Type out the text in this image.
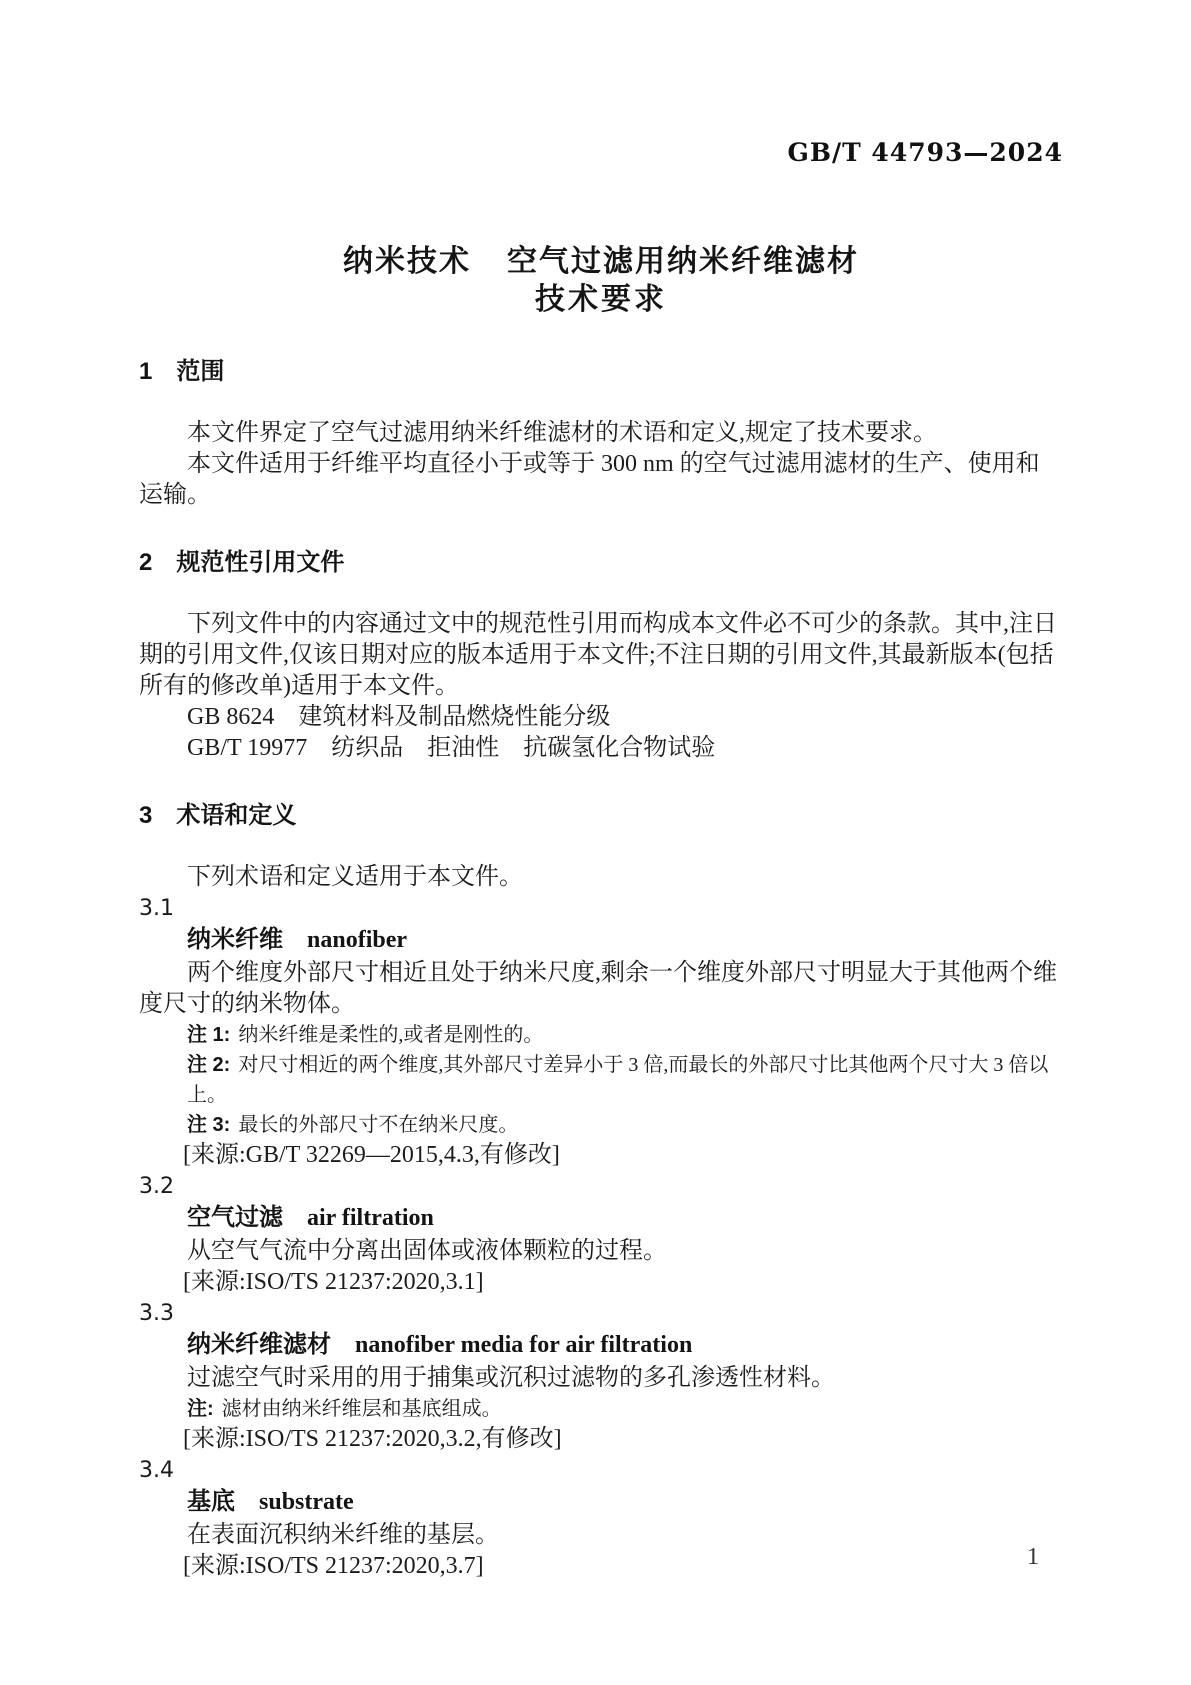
GB/T 44793—2024
纳米技术 空气过滤用纳米纤维滤材
技术要求
1 范围

本文件界定了空气过滤用纳米纤维滤材的术语和定义,规定了技术要求。

本文件适用于纤维平均直径小于或等于 300 nm 的空气过滤用滤材的生产、使用和运输。

2 规范性引用文件

下列文件中的内容通过文中的规范性引用而构成本文件必不可少的条款。其中,注日期的引用文件,仅该日期对应的版本适用于本文件;不注日期的引用文件,其最新版本(包括所有的修改单)适用于本文件。

GB 8624 建筑材料及制品燃烧性能分级

GB/T 19977 纺织品 拒油性 抗碳氢化合物试验

3 术语和定义

下列术语和定义适用于本文件。

3.1

纳米纤维 nanofiber

两个维度外部尺寸相近且处于纳米尺度,剩余一个维度外部尺寸明显大于其他两个维度尺寸的纳米物体。

注 1: 纳米纤维是柔性的,或者是刚性的。

注 2: 对尺寸相近的两个维度,其外部尺寸差异小于 3 倍,而最长的外部尺寸比其他两个尺寸大 3 倍以上。

注 3: 最长的外部尺寸不在纳米尺度。

[来源:GB/T 32269—2015,4.3,有修改]

3.2

空气过滤 air filtration

从空气气流中分离出固体或液体颗粒的过程。

[来源:ISO/TS 21237:2020,3.1]

3.3

纳米纤维滤材 nanofiber media for air filtration

过滤空气时采用的用于捕集或沉积过滤物的多孔渗透性材料。

注: 滤材由纳米纤维层和基底组成。

[来源:ISO/TS 21237:2020,3.2,有修改]

3.4

基底 substrate

在表面沉积纳米纤维的基层。

[来源:ISO/TS 21237:2020,3.7]	1
